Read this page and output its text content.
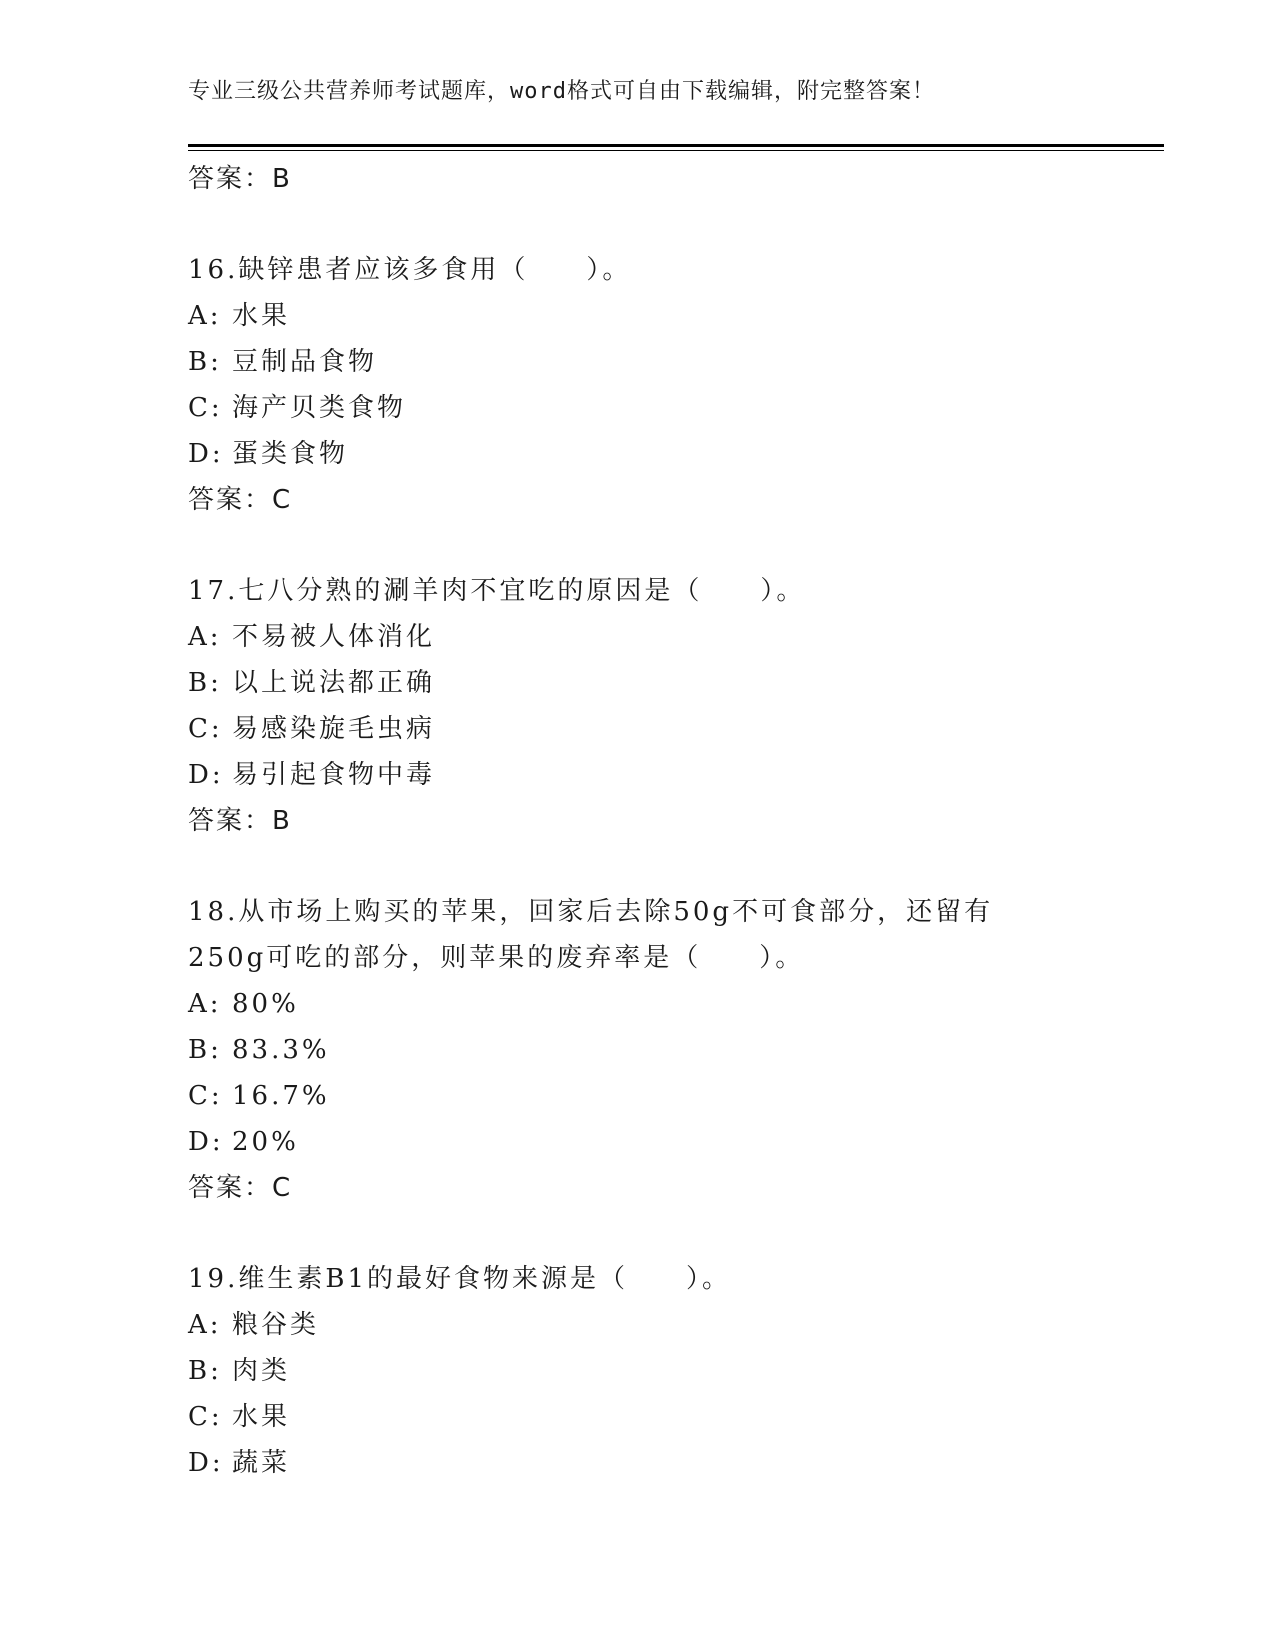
专业三级公共营养师考试题库，word格式可自由下载编辑，附完整答案！
答案：B
16.缺锌患者应该多食用（　　）。
A: 水果
B: 豆制品食物
C: 海产贝类食物
D: 蛋类食物
答案：C
17.七八分熟的涮羊肉不宜吃的原因是（　　）。
A: 不易被人体消化
B: 以上说法都正确
C: 易感染旋毛虫病
D: 易引起食物中毒
答案：B
18.从市场上购买的苹果，回家后去除50g不可食部分，还留有250g可吃的部分，则苹果的废弃率是（　　）。
A: 80%
B: 83.3%
C: 16.7%
D: 20%
答案：C
19.维生素B1的最好食物来源是（　　）。
A: 粮谷类
B: 肉类
C: 水果
D: 蔬菜
